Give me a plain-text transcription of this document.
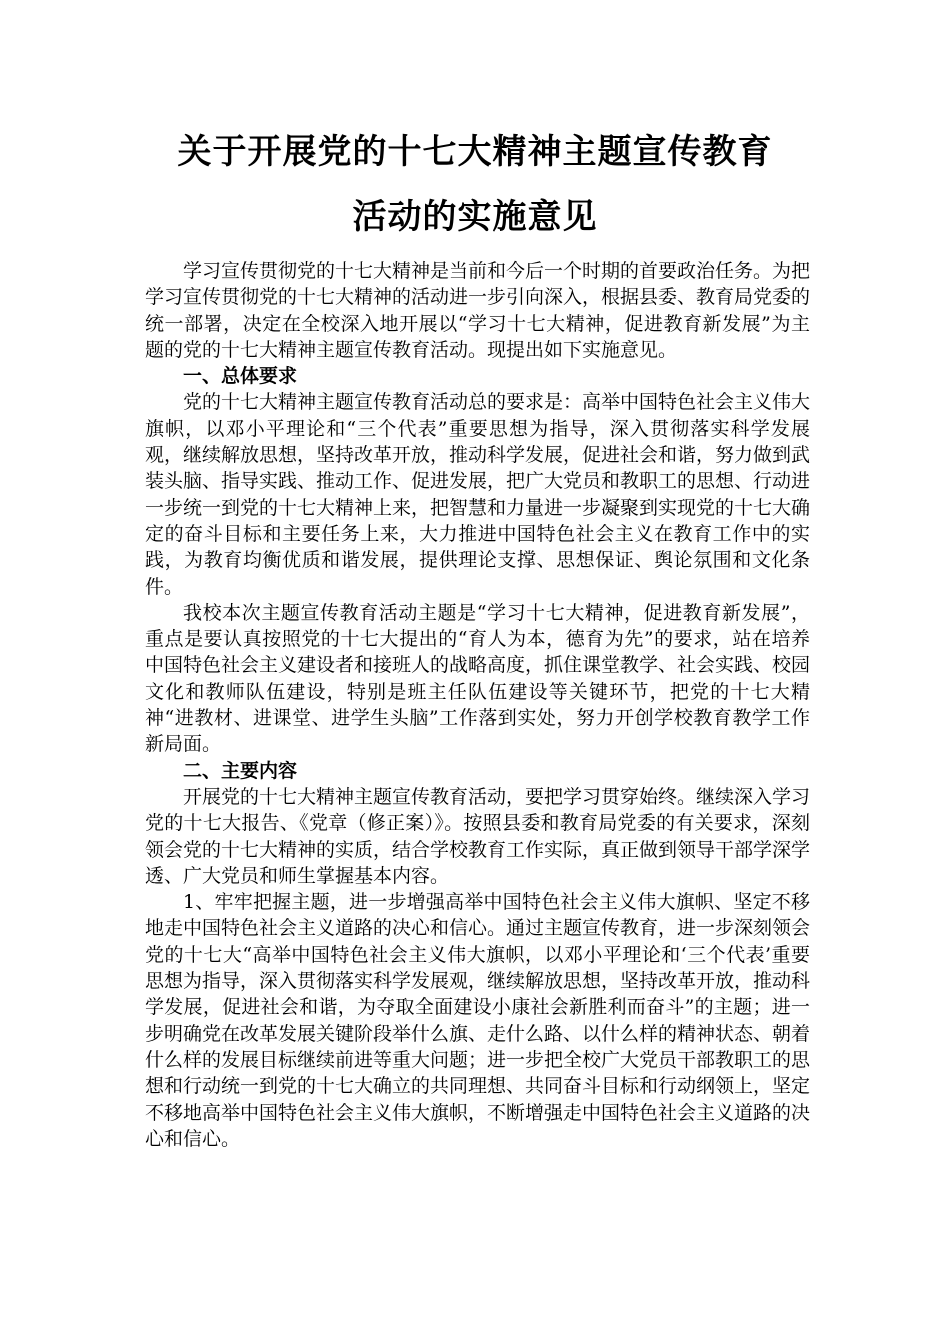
关于开展党的十七大精神主题宣传教育
活动的实施意见

学习宣传贯彻党的十七大精神是当前和今后一个时期的首要政治任务。为把学习宣传贯彻党的十七大精神的活动进一步引向深入，根据县委、教育局党委的统一部署，决定在全校深入地开展以“学习十七大精神，促进教育新发展”为主题的党的十七大精神主题宣传教育活动。现提出如下实施意见。

一、总体要求

党的十七大精神主题宣传教育活动总的要求是：高举中国特色社会主义伟大旗帜，以邓小平理论和“三个代表”重要思想为指导，深入贯彻落实科学发展观，继续解放思想，坚持改革开放，推动科学发展，促进社会和谐，努力做到武装头脑、指导实践、推动工作、促进发展，把广大党员和教职工的思想、行动进一步统一到党的十七大精神上来，把智慧和力量进一步凝聚到实现党的十七大确定的奋斗目标和主要任务上来，大力推进中国特色社会主义在教育工作中的实践，为教育均衡优质和谐发展，提供理论支撑、思想保证、舆论氛围和文化条件。

我校本次主题宣传教育活动主题是“学习十七大精神，促进教育新发展”，重点是要认真按照党的十七大提出的“育人为本，德育为先”的要求，站在培养中国特色社会主义建设者和接班人的战略高度，抓住课堂教学、社会实践、校园文化和教师队伍建设，特别是班主任队伍建设等关键环节，把党的十七大精神“进教材、进课堂、进学生头脑”工作落到实处，努力开创学校教育教学工作新局面。

二、主要内容

开展党的十七大精神主题宣传教育活动，要把学习贯穿始终。继续深入学习党的十七大报告、《党章（修正案）》。按照县委和教育局党委的有关要求，深刻领会党的十七大精神的实质，结合学校教育工作实际，真正做到领导干部学深学透、广大党员和师生掌握基本内容。

1、牢牢把握主题，进一步增强高举中国特色社会主义伟大旗帜、坚定不移地走中国特色社会主义道路的决心和信心。通过主题宣传教育，进一步深刻领会党的十七大“高举中国特色社会主义伟大旗帜，以邓小平理论和‘三个代表’重要思想为指导，深入贯彻落实科学发展观，继续解放思想，坚持改革开放，推动科学发展，促进社会和谐，为夺取全面建设小康社会新胜利而奋斗”的主题；进一步明确党在改革发展关键阶段举什么旗、走什么路、以什么样的精神状态、朝着什么样的发展目标继续前进等重大问题；进一步把全校广大党员干部教职工的思想和行动统一到党的十七大确立的共同理想、共同奋斗目标和行动纲领上，坚定不移地高举中国特色社会主义伟大旗帜，不断增强走中国特色社会主义道路的决心和信心。
